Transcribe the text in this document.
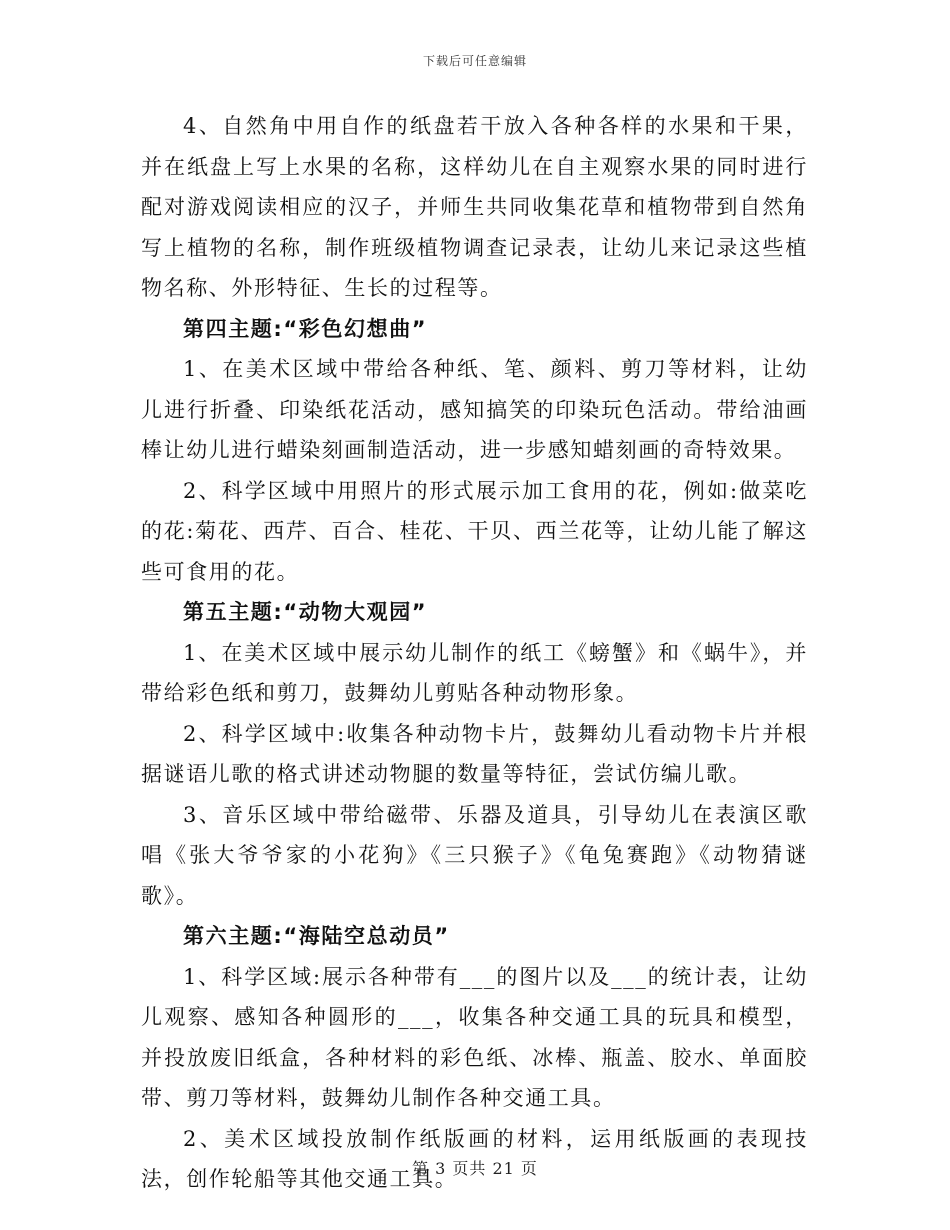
下载后可任意编辑

4、自然角中用自作的纸盘若干放入各种各样的水果和干果，并在纸盘上写上水果的名称，这样幼儿在自主观察水果的同时进行配对游戏阅读相应的汉子，并师生共同收集花草和植物带到自然角写上植物的名称，制作班级植物调查记录表，让幼儿来记录这些植物名称、外形特征、生长的过程等。

第四主题:“彩色幻想曲”

1、在美术区域中带给各种纸、笔、颜料、剪刀等材料，让幼儿进行折叠、印染纸花活动，感知搞笑的印染玩色活动。带给油画棒让幼儿进行蜡染刻画制造活动，进一步感知蜡刻画的奇特效果。

2、科学区域中用照片的形式展示加工食用的花，例如:做菜吃的花:菊花、西芹、百合、桂花、干贝、西兰花等，让幼儿能了解这些可食用的花。

第五主题:“动物大观园”

1、在美术区域中展示幼儿制作的纸工《螃蟹》和《蜗牛》，并带给彩色纸和剪刀，鼓舞幼儿剪贴各种动物形象。

2、科学区域中:收集各种动物卡片，鼓舞幼儿看动物卡片并根据谜语儿歌的格式讲述动物腿的数量等特征，尝试仿编儿歌。

3、音乐区域中带给磁带、乐器及道具，引导幼儿在表演区歌唱《张大爷爷家的小花狗》《三只猴子》《龟兔赛跑》《动物猜谜歌》。

第六主题:“海陆空总动员”

1、科学区域:展示各种带有___的图片以及___的统计表，让幼儿观察、感知各种圆形的___，收集各种交通工具的玩具和模型，并投放废旧纸盒，各种材料的彩色纸、冰棒、瓶盖、胶水、单面胶带、剪刀等材料，鼓舞幼儿制作各种交通工具。

2、美术区域投放制作纸版画的材料，运用纸版画的表现技法，创作轮船等其他交通工具。

第 3 页共 21 页
